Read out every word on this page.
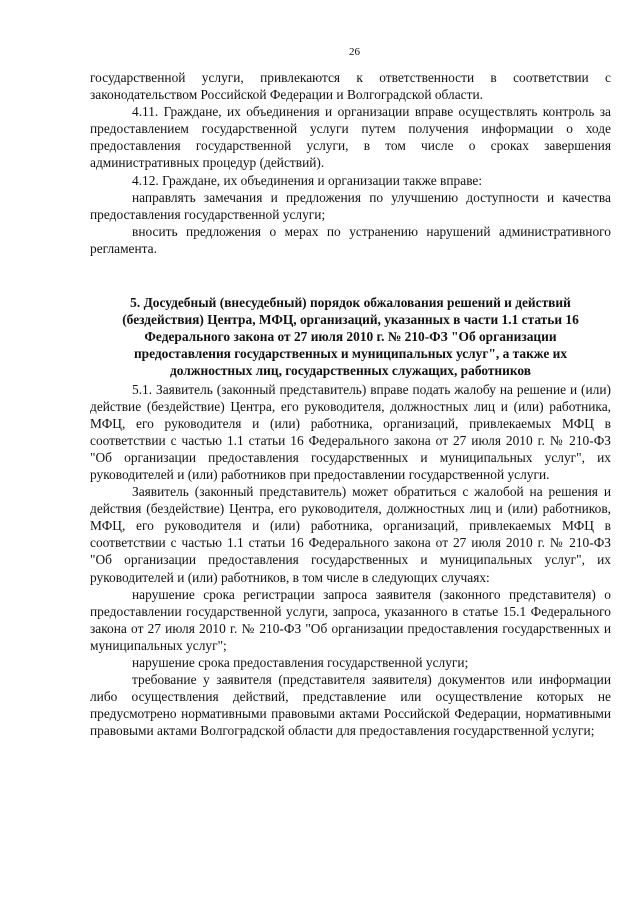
26

государственной услуги, привлекаются к ответственности в соответствии с законодательством Российской Федерации и Волгоградской области.

4.11. Граждане, их объединения и организации вправе осуществлять контроль за предоставлением государственной услуги путем получения информации о ходе предоставления государственной услуги, в том числе о сроках завершения административных процедур (действий).

4.12. Граждане, их объединения и организации также вправе:

направлять замечания и предложения по улучшению доступности и качества предоставления государственной услуги;

вносить предложения о мерах по устранению нарушений административного регламента.

5. Досудебный (внесудебный) порядок обжалования решений и действий (бездействия) Центра, МФЦ, организаций, указанных в части 1.1 статьи 16 Федерального закона от 27 июля 2010 г. № 210-ФЗ "Об организации предоставления государственных и муниципальных услуг", а также их должностных лиц, государственных служащих, работников

5.1. Заявитель (законный представитель) вправе подать жалобу на решение и (или) действие (бездействие) Центра, его руководителя, должностных лиц и (или) работника, МФЦ, его руководителя и (или) работника, организаций, привлекаемых МФЦ в соответствии с частью 1.1 статьи 16 Федерального закона от 27 июля 2010 г. № 210-ФЗ "Об организации предоставления государственных и муниципальных услуг", их руководителей и (или) работников при предоставлении государственной услуги.

Заявитель (законный представитель) может обратиться с жалобой на решения и действия (бездействие) Центра, его руководителя, должностных лиц и (или) работников, МФЦ, его руководителя и (или) работника, организаций, привлекаемых МФЦ в соответствии с частью 1.1 статьи 16 Федерального закона от 27 июля 2010 г. № 210-ФЗ "Об организации предоставления государственных и муниципальных услуг", их руководителей и (или) работников, в том числе в следующих случаях:

нарушение срока регистрации запроса заявителя (законного представителя) о предоставлении государственной услуги, запроса, указанного в статье 15.1 Федерального закона от 27 июля 2010 г. № 210-ФЗ "Об организации предоставления государственных и муниципальных услуг";

нарушение срока предоставления государственной услуги;

требование у заявителя (представителя заявителя) документов или информации либо осуществления действий, представление или осуществление которых не предусмотрено нормативными правовыми актами Российской Федерации, нормативными правовыми актами Волгоградской области для предоставления государственной услуги;
